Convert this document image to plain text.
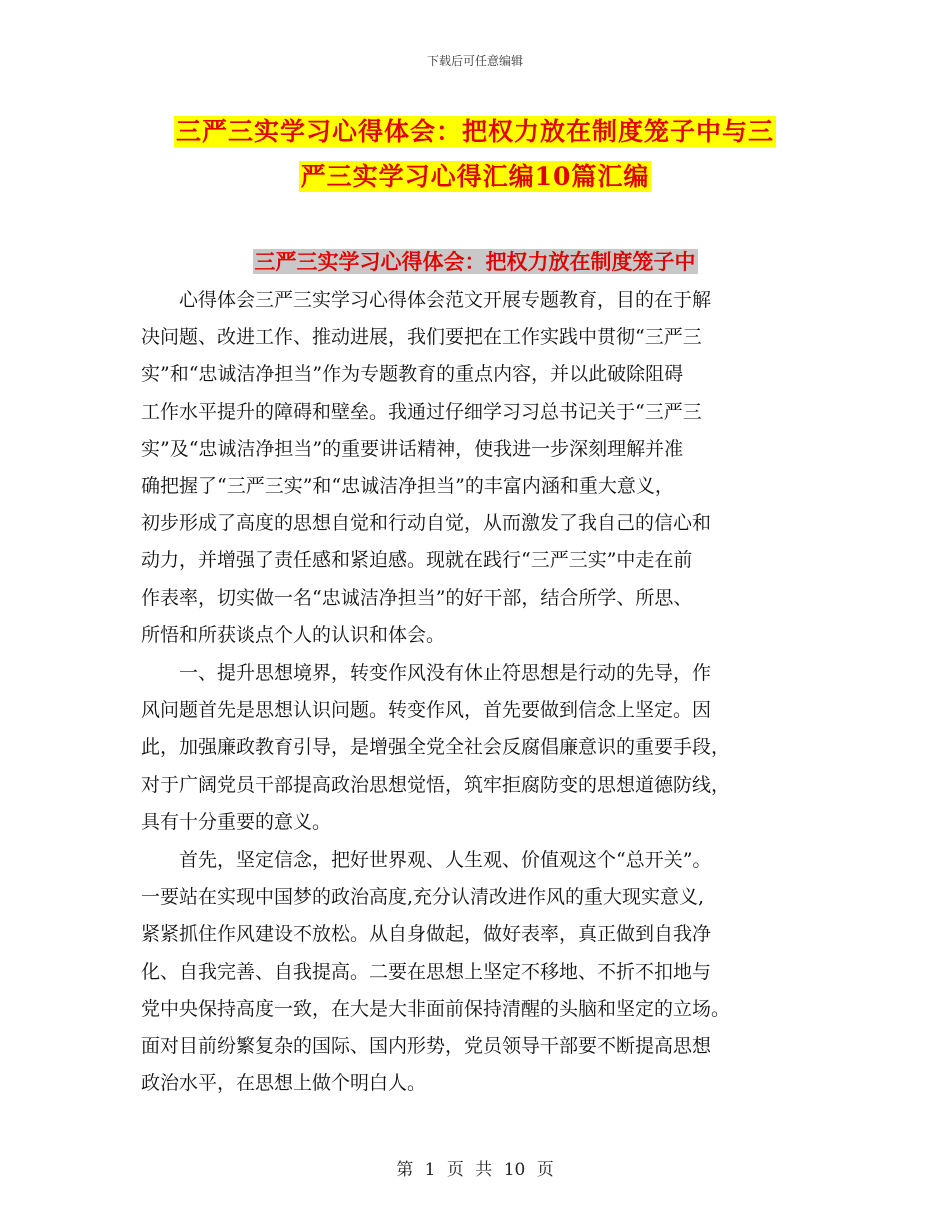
下载后可任意编辑
三严三实学习心得体会：把权力放在制度笼子中与三
严三实学习心得汇编10篇汇编
三严三实学习心得体会：把权力放在制度笼子中
　　心得体会三严三实学习心得体会范文开展专题教育，目的在于解
决问题、改进工作、推动进展，我们要把在工作实践中贯彻“三严三
实”和“忠诚洁净担当”作为专题教育的重点内容，并以此破除阻碍
工作水平提升的障碍和壁垒。我通过仔细学习习总书记关于“三严三
实”及“忠诚洁净担当”的重要讲话精神，使我进一步深刻理解并准
确把握了“三严三实”和“忠诚洁净担当”的丰富内涵和重大意义，
初步形成了高度的思想自觉和行动自觉，从而激发了我自己的信心和
动力，并增强了责任感和紧迫感。现就在践行“三严三实”中走在前
作表率，切实做一名“忠诚洁净担当”的好干部，结合所学、所思、
所悟和所获谈点个人的认识和体会。
　　一、提升思想境界，转变作风没有休止符思想是行动的先导，作
风问题首先是思想认识问题。转变作风，首先要做到信念上坚定。因
此，加强廉政教育引导，是增强全党全社会反腐倡廉意识的重要手段，
对于广阔党员干部提高政治思想觉悟，筑牢拒腐防变的思想道德防线，
具有十分重要的意义。
　　首先，坚定信念，把好世界观、人生观、价值观这个“总开关”。
一要站在实现中国梦的政治高度,充分认清改进作风的重大现实意义,
紧紧抓住作风建设不放松。从自身做起，做好表率，真正做到自我净
化、自我完善、自我提高。二要在思想上坚定不移地、不折不扣地与
党中央保持高度一致，在大是大非面前保持清醒的头脑和坚定的立场。
面对目前纷繁复杂的国际、国内形势，党员领导干部要不断提高思想
政治水平，在思想上做个明白人。
第 1 页 共 10 页
